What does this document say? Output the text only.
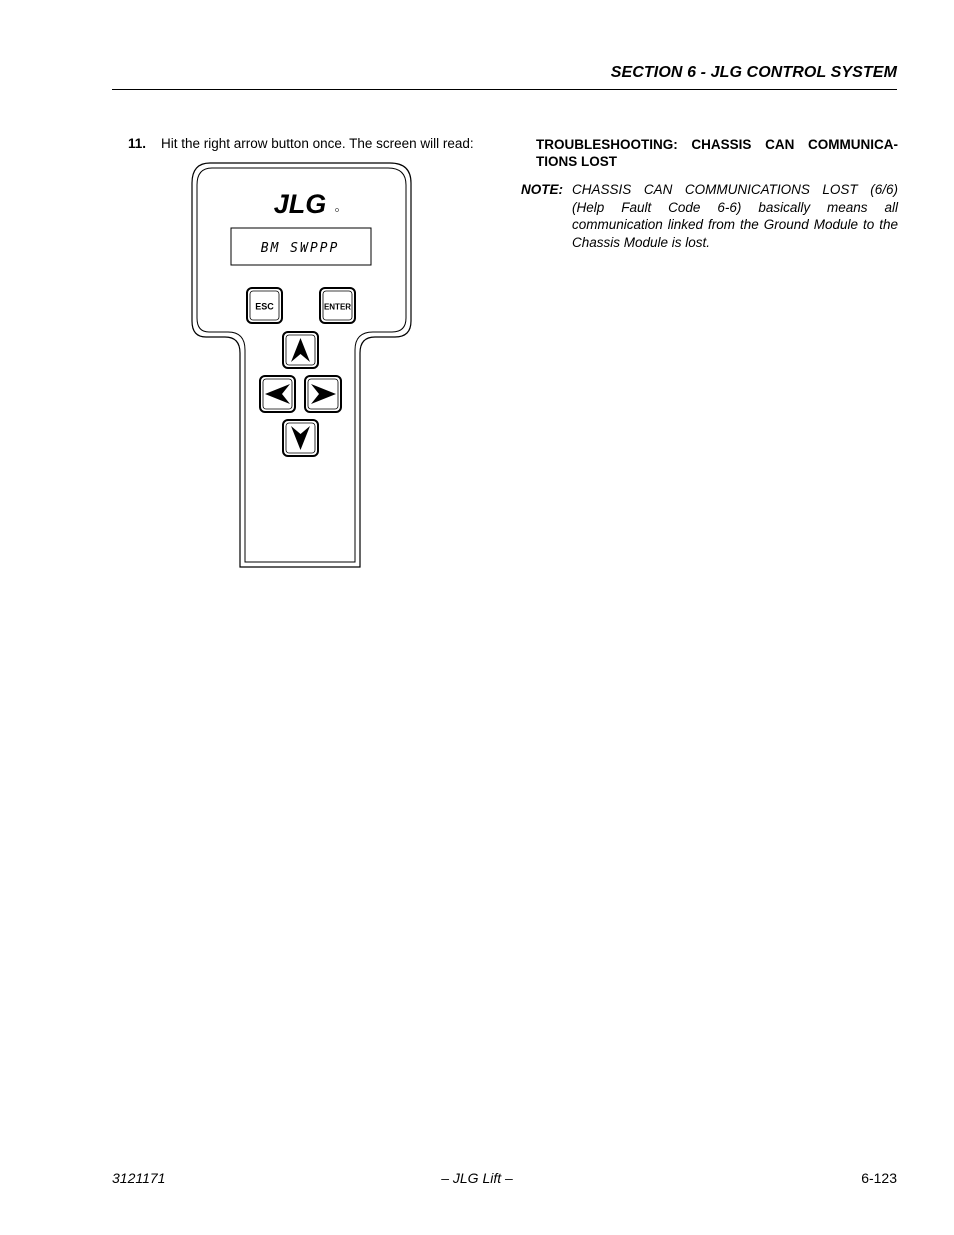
SECTION 6 - JLG CONTROL SYSTEM
11. Hit the right arrow button once. The screen will read:
JLG
BM SWPPP
ESC	ENTER
TROUBLESHOOTING: CHASSIS CAN COMMUNICA-
TIONS LOST
NOTE: CHASSIS CAN COMMUNICATIONS LOST (6/6) (Help Fault Code 6-6) basically means all communication linked from the Ground Module to the Chassis Module is lost.
3121171	– JLG Lift –	6-123
